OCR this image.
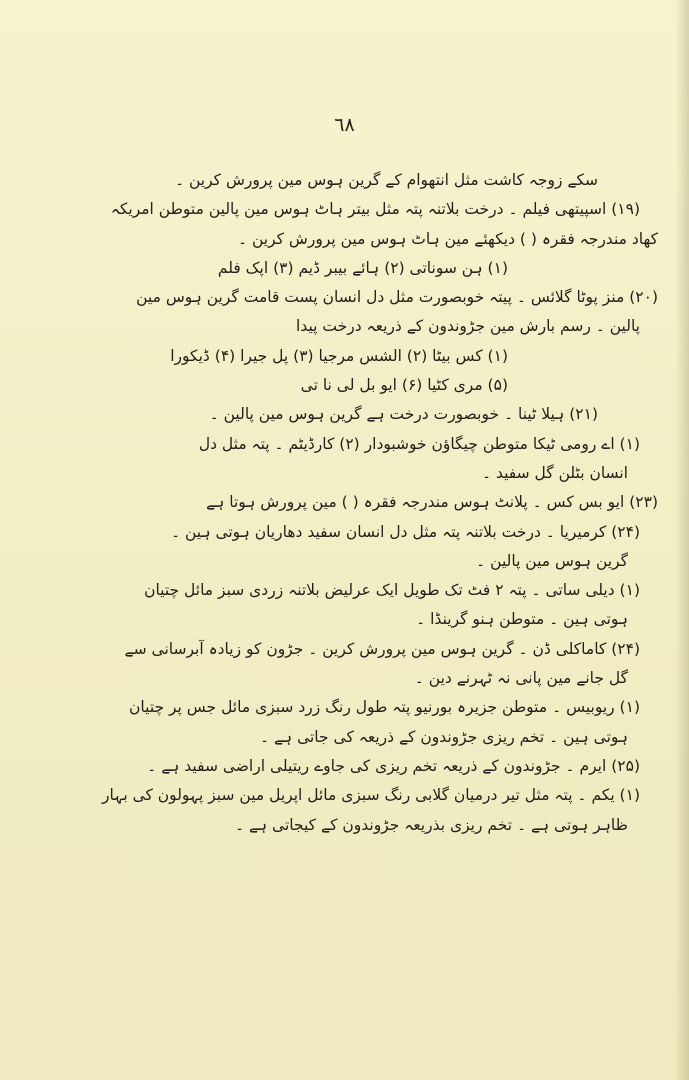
٦٨
سکے زوجہ کاشت مثل انتھوام کے گرین ہوس مین پرورش کرین ۔
(۱۹) اسپیتھی فیلم ۔ درخت بلاتنہ پتہ مثل بیتر ہاٹ ہوس مین پالین متوطن امریکہ
کھاد مندرجہ فقرہ ( ) دیکھئے مین ہاٹ ہوس مین پرورش کرین ۔
(۱) ہن سوناتی (۲) ہائے بیبر ڈیم (۳) اپک فلم
(۲۰) منز پوٹا گلائس ۔ پیتہ خوبصورت مثل دل انسان پست قامت گرین ہوس مین
پالین ۔ رسم بارش مین جڑوندون کے ذریعہ درخت پیدا
(۱) کس بیٹا (۲) الشس مرجیا (۳) پل جیرا (۴) ڈیکورا
(۵) مری کٹیا (۶) ایو بل لی نا تی
(۲۱) ہیلا ٹینا ۔ خوبصورت درخت ہے گرین ہوس مین پالین ۔
(۱) اے رومی ٹیکا متوطن چیگاؤن خوشبودار (۲) کارڈیٹم ۔ پتہ مثل دل
انسان بٹلن گل سفید ۔
(۲۳) ایو بس کس ۔ پلانٹ ہوس مندرجہ فقرہ ( ) مین پرورش ہوتا ہے
(۲۴) کرمیریا ۔ درخت بلاتنہ پتہ مثل دل انسان سفید دھاریان ہوتی ہین ۔
گرین ہوس مین پالین ۔
(۱) دیلی ساتی ۔ پتہ ۲ فٹ تک طویل ایک عرلیض بلاتنہ زردی سبز مائل چتیان
ہوتی ہین ۔ متوطن ہنو گرینڈا ۔
(۲۴) کاماکلی ڈن ۔ گرین ہوس مین پرورش کرین ۔ جڑون کو زیادہ آبرسانی سے
گل جانے مین پانی نہ ٹہرنے دین ۔
(۱) ریوبیس ۔ متوطن جزیرہ بورنیو پتہ طول رنگ زرد سبزی مائل جس پر چتیان
ہوتی ہین ۔ تخم ریزی جڑوندون کے ذریعہ کی جاتی ہے ۔
(۲۵) ایرم ۔ جڑوندون کے ذریعہ تخم ریزی کی جاوے ریتیلی اراضی سفید ہے ۔
(۱) یکم ۔ پتہ مثل تیر درمیان گلابی رنگ سبزی مائل اپریل مین سبز پہولون کی بہار
ظاہر ہوتی ہے ۔ تخم ریزی بذریعہ جڑوندون کے کیجاتی ہے ۔
